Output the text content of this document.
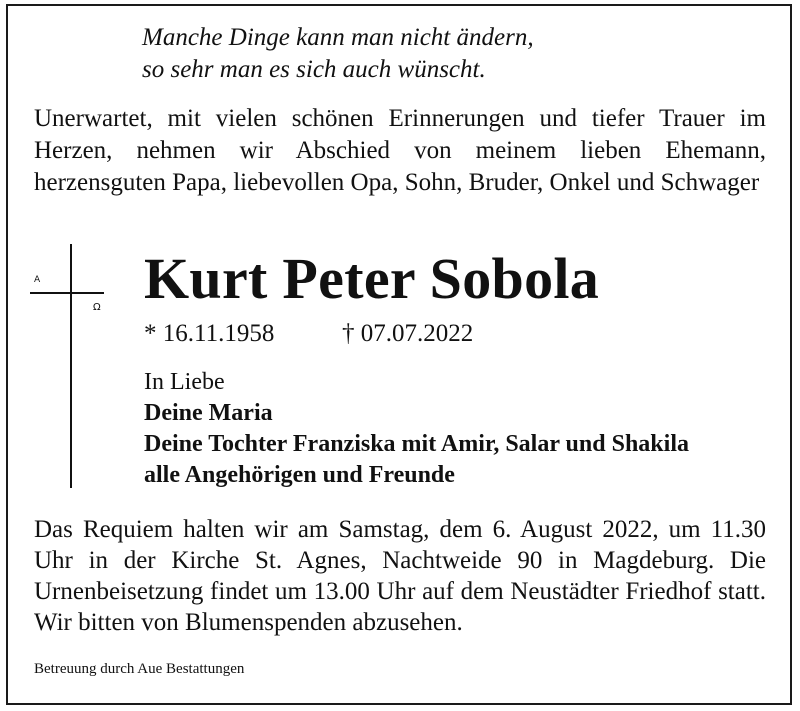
Manche Dinge kann man nicht ändern,
so sehr man es sich auch wünscht.
Unerwartet, mit vielen schönen Erinnerungen und tiefer Trauer im Herzen, nehmen wir Abschied von meinem lieben Ehemann, herzensguten Papa, liebevollen Opa, Sohn, Bruder, Onkel und Schwager
A
Ω Kurt Peter Sobola
* 16.11.1958	† 07.07.2022
In Liebe
Deine Maria
Deine Tochter Franziska mit Amir, Salar und Shakila
alle Angehörigen und Freunde
Das Requiem halten wir am Samstag, dem 6. August 2022, um 11.30 Uhr in der Kirche St. Agnes, Nachtweide 90 in Magdeburg. Die Urnenbeisetzung findet um 13.00 Uhr auf dem Neustädter Friedhof statt. Wir bitten von Blumenspenden abzusehen.
Betreuung durch Aue Bestattungen
